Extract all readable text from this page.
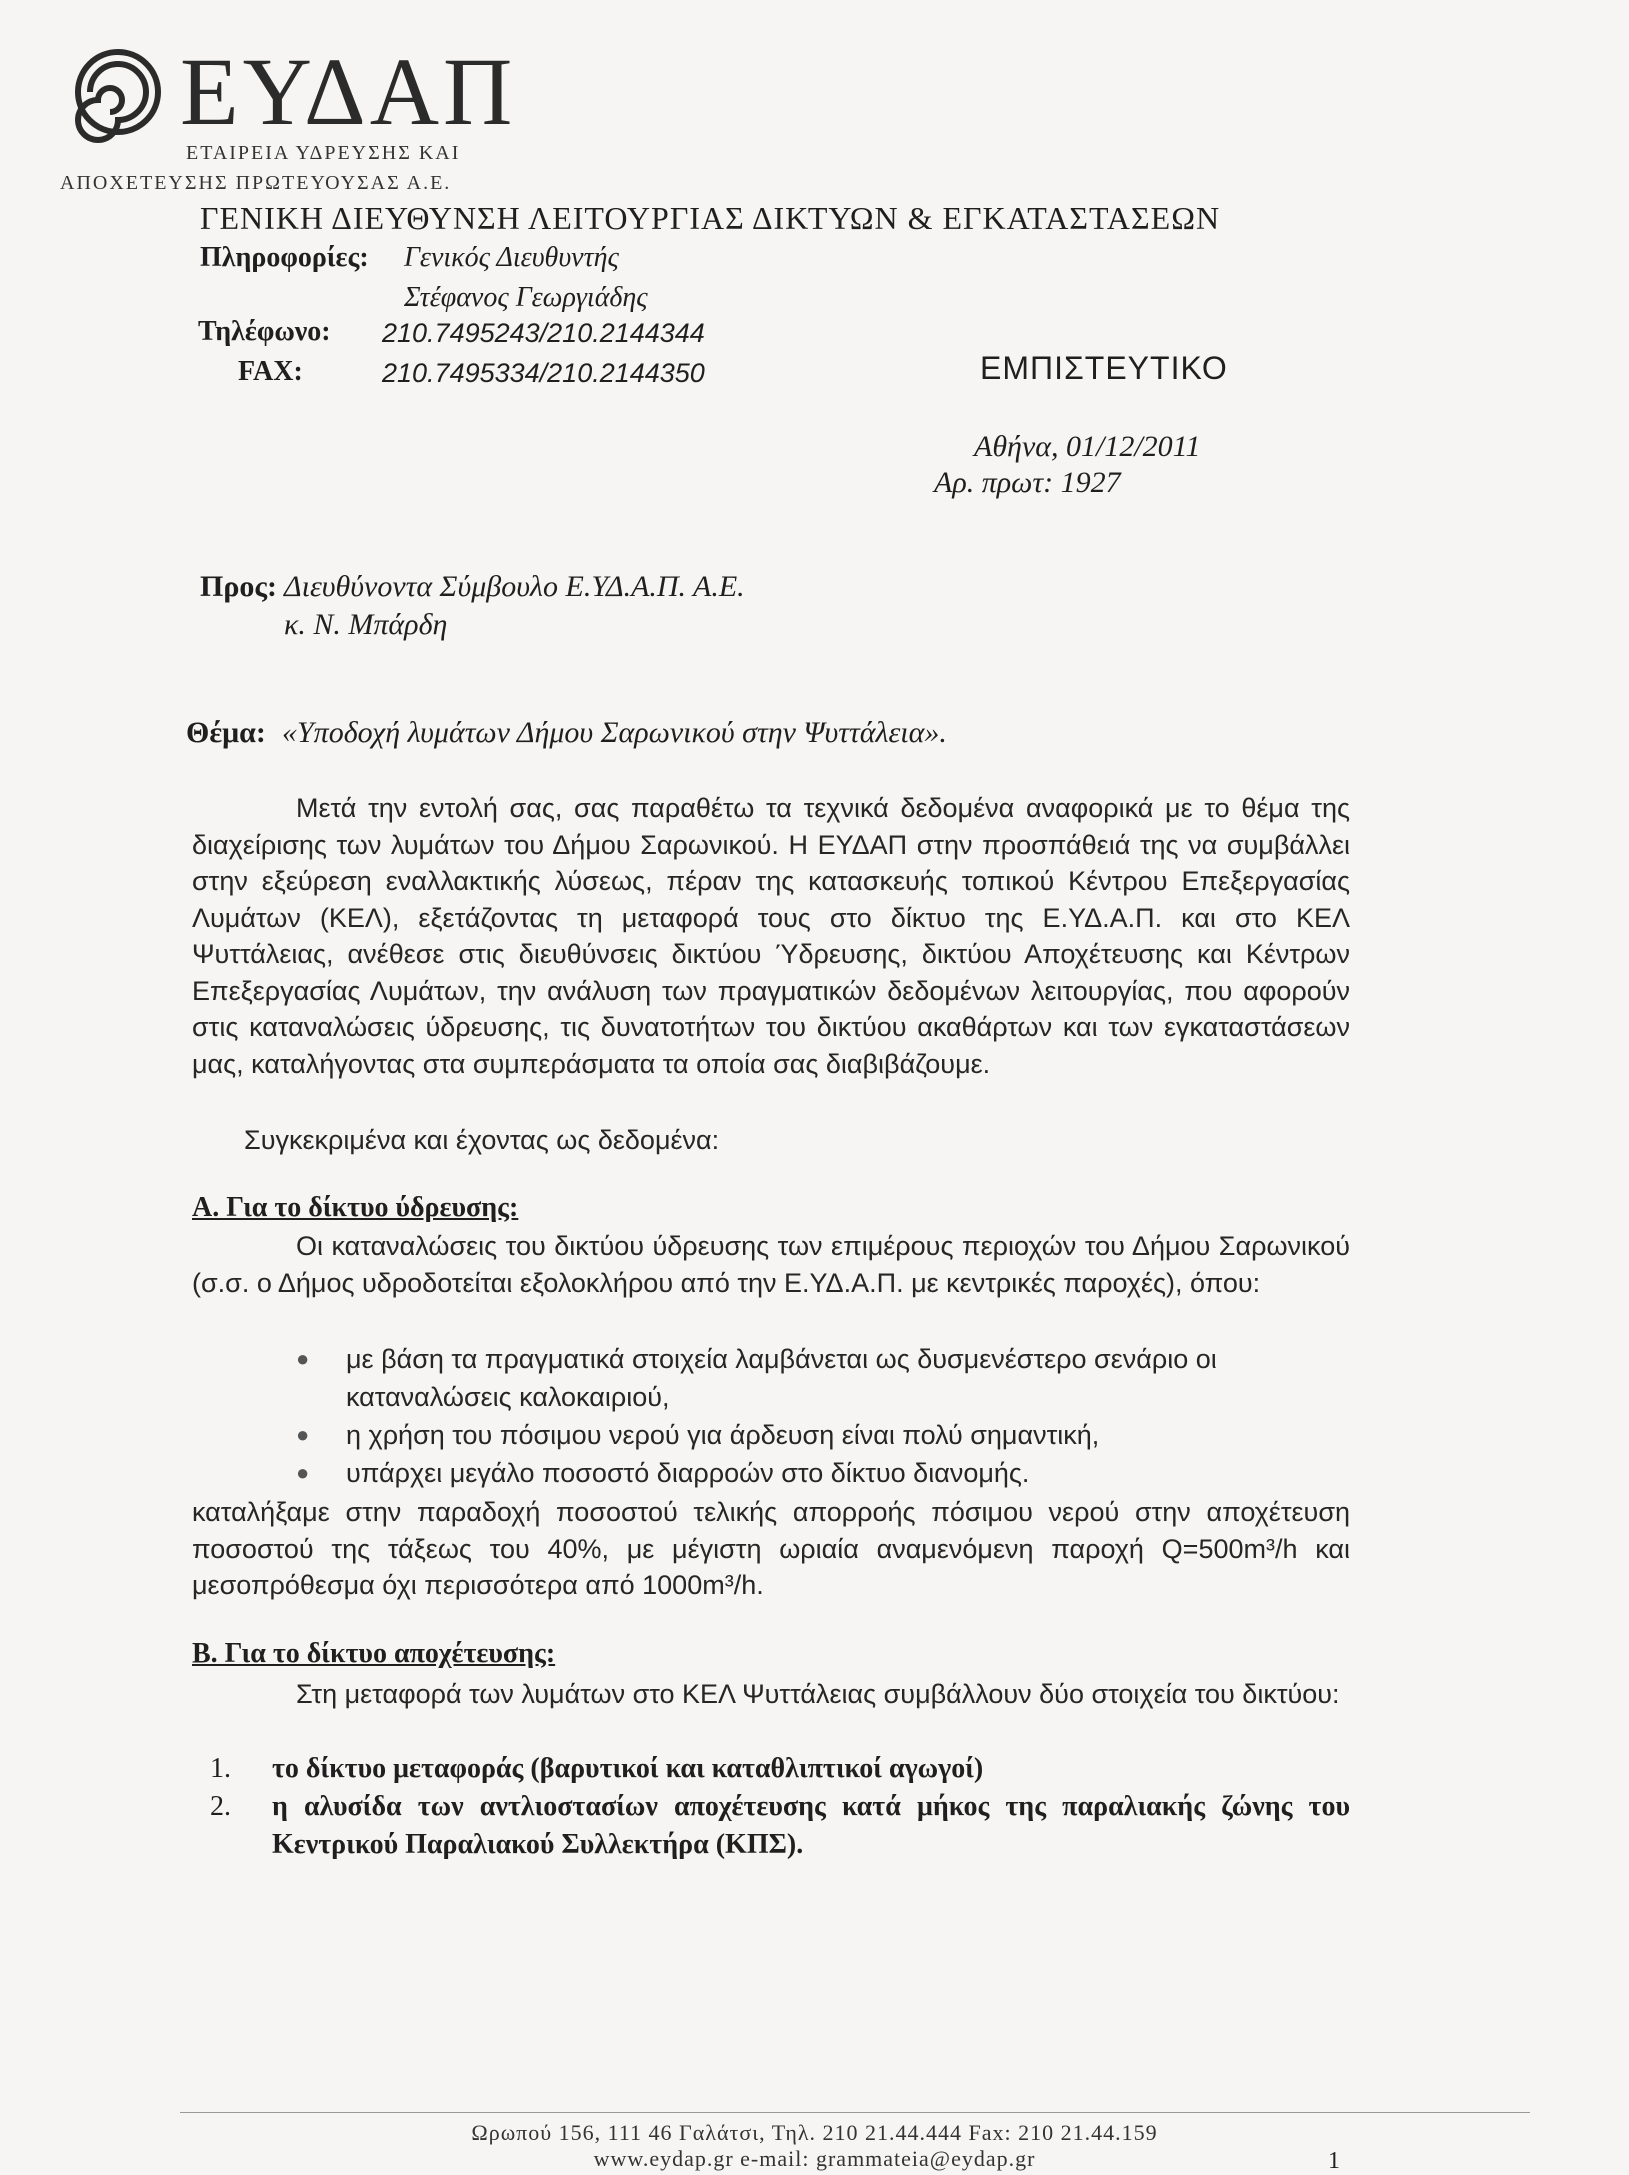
ΕΥΔΑΠ
ΕΤΑΙΡΕΙΑ ΥΔΡΕΥΣΗΣ ΚΑΙ
ΑΠΟΧΕΤΕΥΣΗΣ ΠΡΩΤΕΥΟΥΣΑΣ Α.Ε.
ΓΕΝΙΚΗ ΔΙΕΥΘΥΝΣΗ ΛΕΙΤΟΥΡΓΙΑΣ ΔΙΚΤΥΩΝ & ΕΓΚΑΤΑΣΤΑΣΕΩΝ
Πληροφορίες: Γενικός Διευθυντής
Στέφανος Γεωργιάδης
Τηλέφωνο: 210.7495243/210.2144344
FAX:	210.7495334/210.2144350	ΕΜΠΙΣΤΕΥΤΙΚΟ
Αθήνα, 01/12/2011
Αρ. πρωτ: 1927
Προς: Διευθύνοντα Σύμβουλο Ε.ΥΔ.Α.Π. Α.Ε.
κ. Ν. Μπάρδη
Θέμα: «Υποδοχή λυμάτων Δήμου Σαρωνικού στην Ψυττάλεια».
Μετά την εντολή σας, σας παραθέτω τα τεχνικά δεδομένα αναφορικά με το θέμα της διαχείρισης των λυμάτων του Δήμου Σαρωνικού. Η ΕΥΔΑΠ στην προσπάθειά της να συμβάλλει στην εξεύρεση εναλλακτικής λύσεως, πέραν της κατασκευής τοπικού Κέντρου Επεξεργασίας Λυμάτων (ΚΕΛ), εξετάζοντας τη μεταφορά τους στο δίκτυο της Ε.ΥΔ.Α.Π. και στο ΚΕΛ Ψυττάλειας, ανέθεσε στις διευθύνσεις δικτύου Ύδρευσης, δικτύου Αποχέτευσης και Κέντρων Επεξεργασίας Λυμάτων, την ανάλυση των πραγματικών δεδομένων λειτουργίας, που αφορούν στις καταναλώσεις ύδρευσης, τις δυνατοτήτων του δικτύου ακαθάρτων και των εγκαταστάσεων μας, καταλήγοντας στα συμπεράσματα τα οποία σας διαβιβάζουμε.
Συγκεκριμένα και έχοντας ως δεδομένα:
Α. Για το δίκτυο ύδρευσης:
Οι καταναλώσεις του δικτύου ύδρευσης των επιμέρους περιοχών του Δήμου Σαρωνικού (σ.σ. ο Δήμος υδροδοτείται εξολοκλήρου από την Ε.ΥΔ.Α.Π. με κεντρικές παροχές), όπου:
● με βάση τα πραγματικά στοιχεία λαμβάνεται ως δυσμενέστερο σενάριο οι καταναλώσεις καλοκαιριού,
● η χρήση του πόσιμου νερού για άρδευση είναι πολύ σημαντική,
● υπάρχει μεγάλο ποσοστό διαρροών στο δίκτυο διανομής.
καταλήξαμε στην παραδοχή ποσοστού τελικής απορροής πόσιμου νερού στην αποχέτευση ποσοστού της τάξεως του 40%, με μέγιστη ωριαία αναμενόμενη παροχή Q=500m³/h και μεσοπρόθεσμα όχι περισσότερα από 1000m³/h.
Β. Για το δίκτυο αποχέτευσης:
Στη μεταφορά των λυμάτων στο ΚΕΛ Ψυττάλειας συμβάλλουν δύο στοιχεία του δικτύου:
1. το δίκτυο μεταφοράς (βαρυτικοί και καταθλιπτικοί αγωγοί)
2. η αλυσίδα των αντλιοστασίων αποχέτευσης κατά μήκος της παραλιακής ζώνης του Κεντρικού Παραλιακού Συλλεκτήρα (ΚΠΣ).
Ωρωπού 156, 111 46 Γαλάτσι, Τηλ. 210 21.44.444 Fax: 210 21.44.159
www.eydap.gr e-mail: grammateia@eydap.gr	1
